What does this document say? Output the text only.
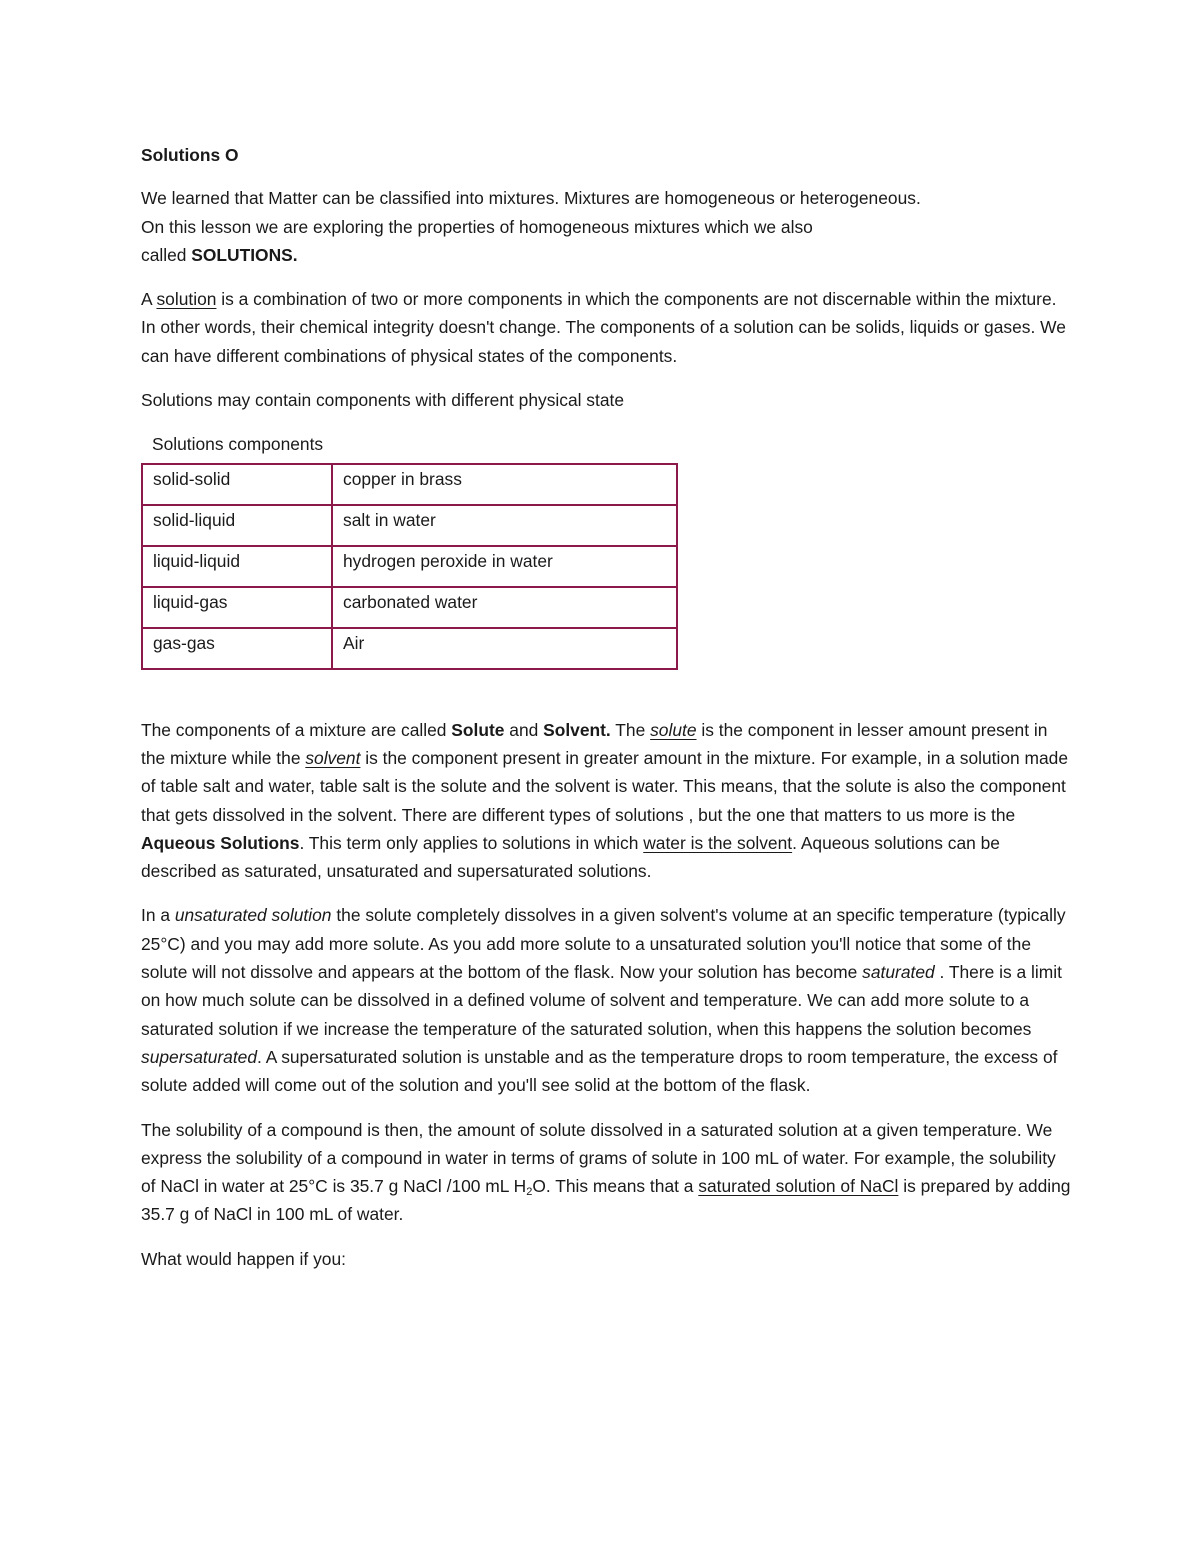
Solutions O

We learned that Matter can be classified into mixtures. Mixtures are homogeneous or heterogeneous.
On this lesson we are exploring the properties of homogeneous mixtures which we also
called SOLUTIONS.

A solution is a combination of two or more components in which the components are not discernable within the mixture. In other words, their chemical integrity doesn't change. The components of a solution can be solids, liquids or gases. We can have different combinations of physical states of the components.

Solutions may contain components with different physical state

Solutions components
solid-solid	copper in brass
solid-liquid	salt in water
liquid-liquid	hydrogen peroxide in water
liquid-gas	carbonated water
gas-gas	Air

The components of a mixture are called Solute and Solvent. The solute is the component in lesser amount present in the mixture while the solvent is the component present in greater amount in the mixture. For example, in a solution made of table salt and water, table salt is the solute and the solvent is water. This means, that the solute is also the component that gets dissolved in the solvent. There are different types of solutions , but the one that matters to us more is the Aqueous Solutions. This term only applies to solutions in which water is the solvent. Aqueous solutions can be described as saturated, unsaturated and supersaturated solutions.

In a unsaturated solution the solute completely dissolves in a given solvent's volume at an specific temperature (typically 25°C) and you may add more solute. As you add more solute to a unsaturated solution you'll notice that some of the solute will not dissolve and appears at the bottom of the flask. Now your solution has become saturated . There is a limit on how much solute can be dissolved in a defined volume of solvent and temperature. We can add more solute to a saturated solution if we increase the temperature of the saturated solution, when this happens the solution becomes supersaturated. A supersaturated solution is unstable and as the temperature drops to room temperature, the excess of solute added will come out of the solution and you'll see solid at the bottom of the flask.

The solubility of a compound is then, the amount of solute dissolved in a saturated solution at a given temperature. We express the solubility of a compound in water in terms of grams of solute in 100 mL of water. For example, the solubility of NaCl in water at 25°C is 35.7 g NaCl /100 mL $H_2O$. This means that a saturated solution of NaCl is prepared by adding 35.7 g of NaCl in 100 mL of water.

What would happen if you:
